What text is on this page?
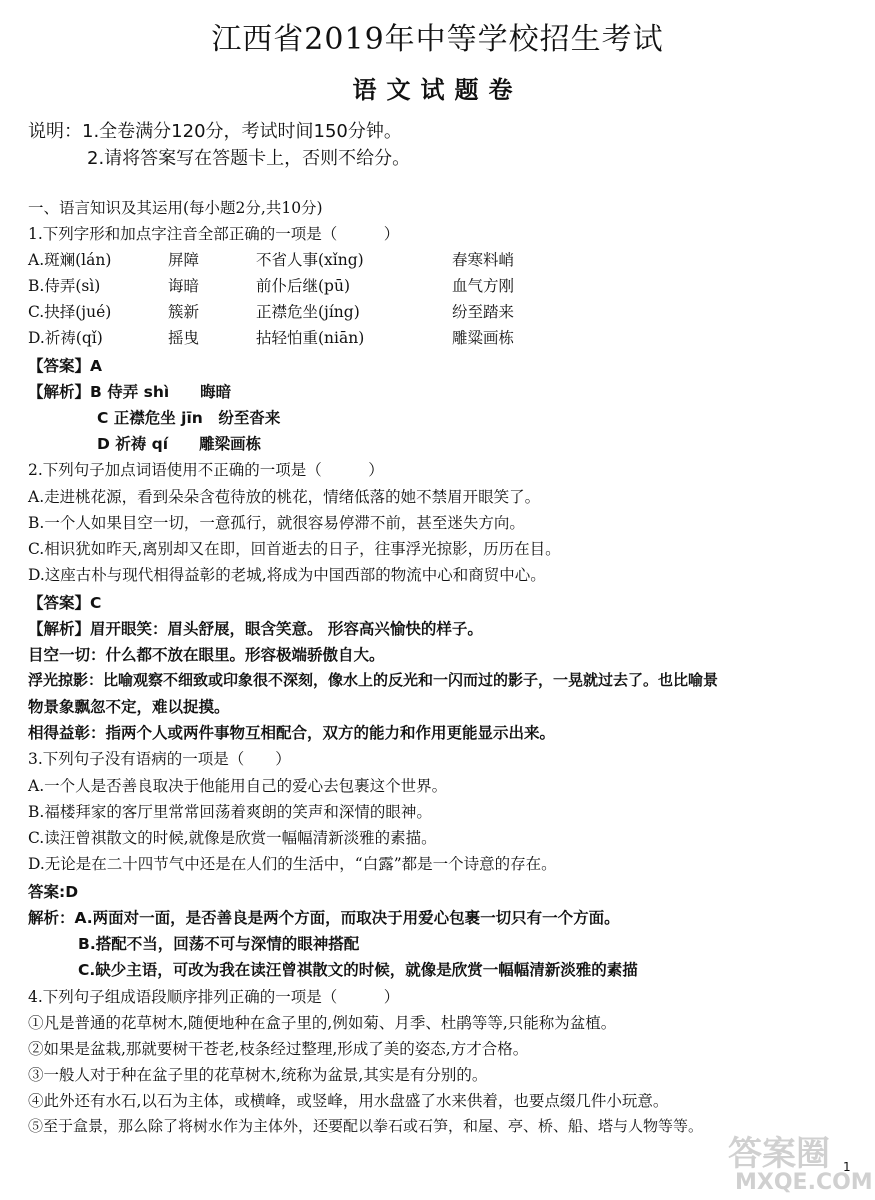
江西省2019年中等学校招生考试
语文试题卷
说明：1.全卷满分120分，考试时间150分钟。
2.请将答案写在答题卡上，否则不给分。
一、语言知识及其运用(每小题2分,共10分)
1.下列字形和加点字注音全部正确的一项是（　　　）
A.斑斓(lán)	屏障	不省人事(xǐng)	春寒料峭
B.侍弄(sì)	诲暗	前仆后继(pū)	血气方刚
C.抉择(jué)	簇新	正襟危坐(jíng)	纷至踏来
D.祈祷(qǐ)	摇曳	拈轻怕重(niān)	雕粱画栋
【答案】A
【解析】B 侍弄 shì　　晦暗
C 正襟危坐 jīn　纷至沓来
D 祈祷 qí　　雕梁画栋
2.下列句子加点词语使用不正确的一项是（　　　）
A.走进桃花源，看到朵朵含苞待放的桃花，情绪低落的她不禁眉开眼笑了。
B.一个人如果目空一切，一意孤行，就很容易停滞不前，甚至迷失方向。
C.相识犹如昨天,离别却又在即，回首逝去的日子，往事浮光掠影，历历在目。
D.这座古朴与现代相得益彰的老城,将成为中国西部的物流中心和商贸中心。
【答案】C
【解析】眉开眼笑：眉头舒展，眼含笑意。 形容高兴愉快的样子。
目空一切：什么都不放在眼里。形容极端骄傲自大。
浮光掠影：比喻观察不细致或印象很不深刻，像水上的反光和一闪而过的影子，一晃就过去了。也比喻景
物景象飘忽不定，难以捉摸。
相得益彰：指两个人或两件事物互相配合，双方的能力和作用更能显示出来。
3.下列句子没有语病的一项是（　　）
A.一个人是否善良取决于他能用自己的爱心去包裹这个世界。
B.福楼拜家的客厅里常常回荡着爽朗的笑声和深情的眼神。
C.读汪曾祺散文的时候,就像是欣赏一幅幅清新淡雅的素描。
D.无论是在二十四节气中还是在人们的生活中，“白露”都是一个诗意的存在。
答案:D
解析：A.两面对一面，是否善良是两个方面，而取决于用爱心包裹一切只有一个方面。
B.搭配不当，回荡不可与深情的眼神搭配
C.缺少主语，可改为我在读汪曾祺散文的时候，就像是欣赏一幅幅清新淡雅的素描
4.下列句子组成语段顺序排列正确的一项是（　　　）
①凡是普通的花草树木,随便地种在盒子里的,例如菊、月季、杜鹃等等,只能称为盆植。
②如果是盆栽,那就要树干苍老,枝条经过整理,形成了美的姿态,方才合格。
③一般人对于种在盆子里的花草树木,统称为盆景,其实是有分别的。
④此外还有水石,以石为主体，或横峰，或竖峰，用水盘盛了水来供着，也要点缀几件小玩意。
⑤至于盒景，那么除了将树水作为主体外，还要配以拳石或石笋，和屋、亭、桥、船、塔与人物等等。
答案圈
MXQE.COM
1
